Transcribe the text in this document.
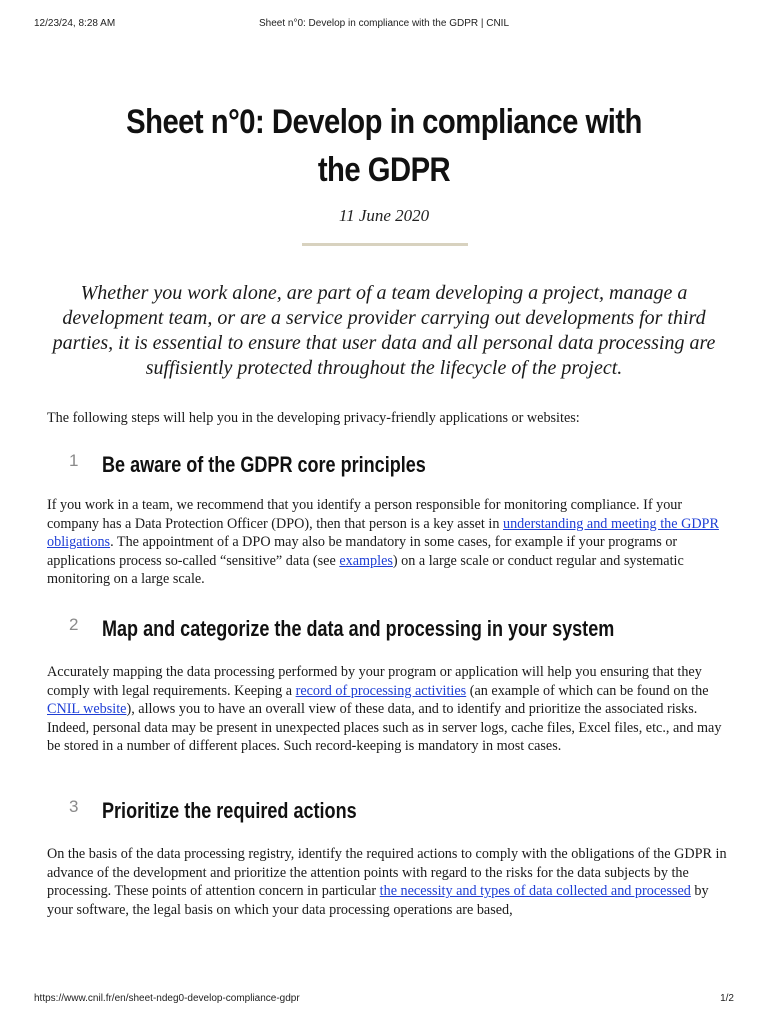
12/23/24, 8:28 AM	Sheet n°0: Develop in compliance with the GDPR | CNIL
Sheet n°0: Develop in compliance with the GDPR
11 June 2020

Whether you work alone, are part of a team developing a project, manage a development team, or are a service provider carrying out developments for third parties, it is essential to ensure that user data and all personal data processing are suffisiently protected throughout the lifecycle of the project.

The following steps will help you in the developing privacy-friendly applications or websites:

1 Be aware of the GDPR core principles

If you work in a team, we recommend that you identify a person responsible for monitoring compliance. If your company has a Data Protection Officer (DPO), then that person is a key asset in understanding and meeting the GDPR obligations. The appointment of a DPO may also be mandatory in some cases, for example if your programs or applications process so-called “sensitive” data (see examples) on a large scale or conduct regular and systematic monitoring on a large scale.

2 Map and categorize the data and processing in your system

Accurately mapping the data processing performed by your program or application will help you ensuring that they comply with legal requirements. Keeping a record of processing activities (an example of which can be found on the CNIL website), allows you to have an overall view of these data, and to identify and prioritize the associated risks. Indeed, personal data may be present in unexpected places such as in server logs, cache files, Excel files, etc., and may be stored in a number of different places. Such record-keeping is mandatory in most cases.

3 Prioritize the required actions

On the basis of the data processing registry, identify the required actions to comply with the obligations of the GDPR in advance of the development and prioritize the attention points with regard to the risks for the data subjects by the processing. These points of attention concern in particular the necessity and types of data collected and processed by your software, the legal basis on which your data processing operations are based,

https://www.cnil.fr/en/sheet-ndeg0-develop-compliance-gdpr	1/2
